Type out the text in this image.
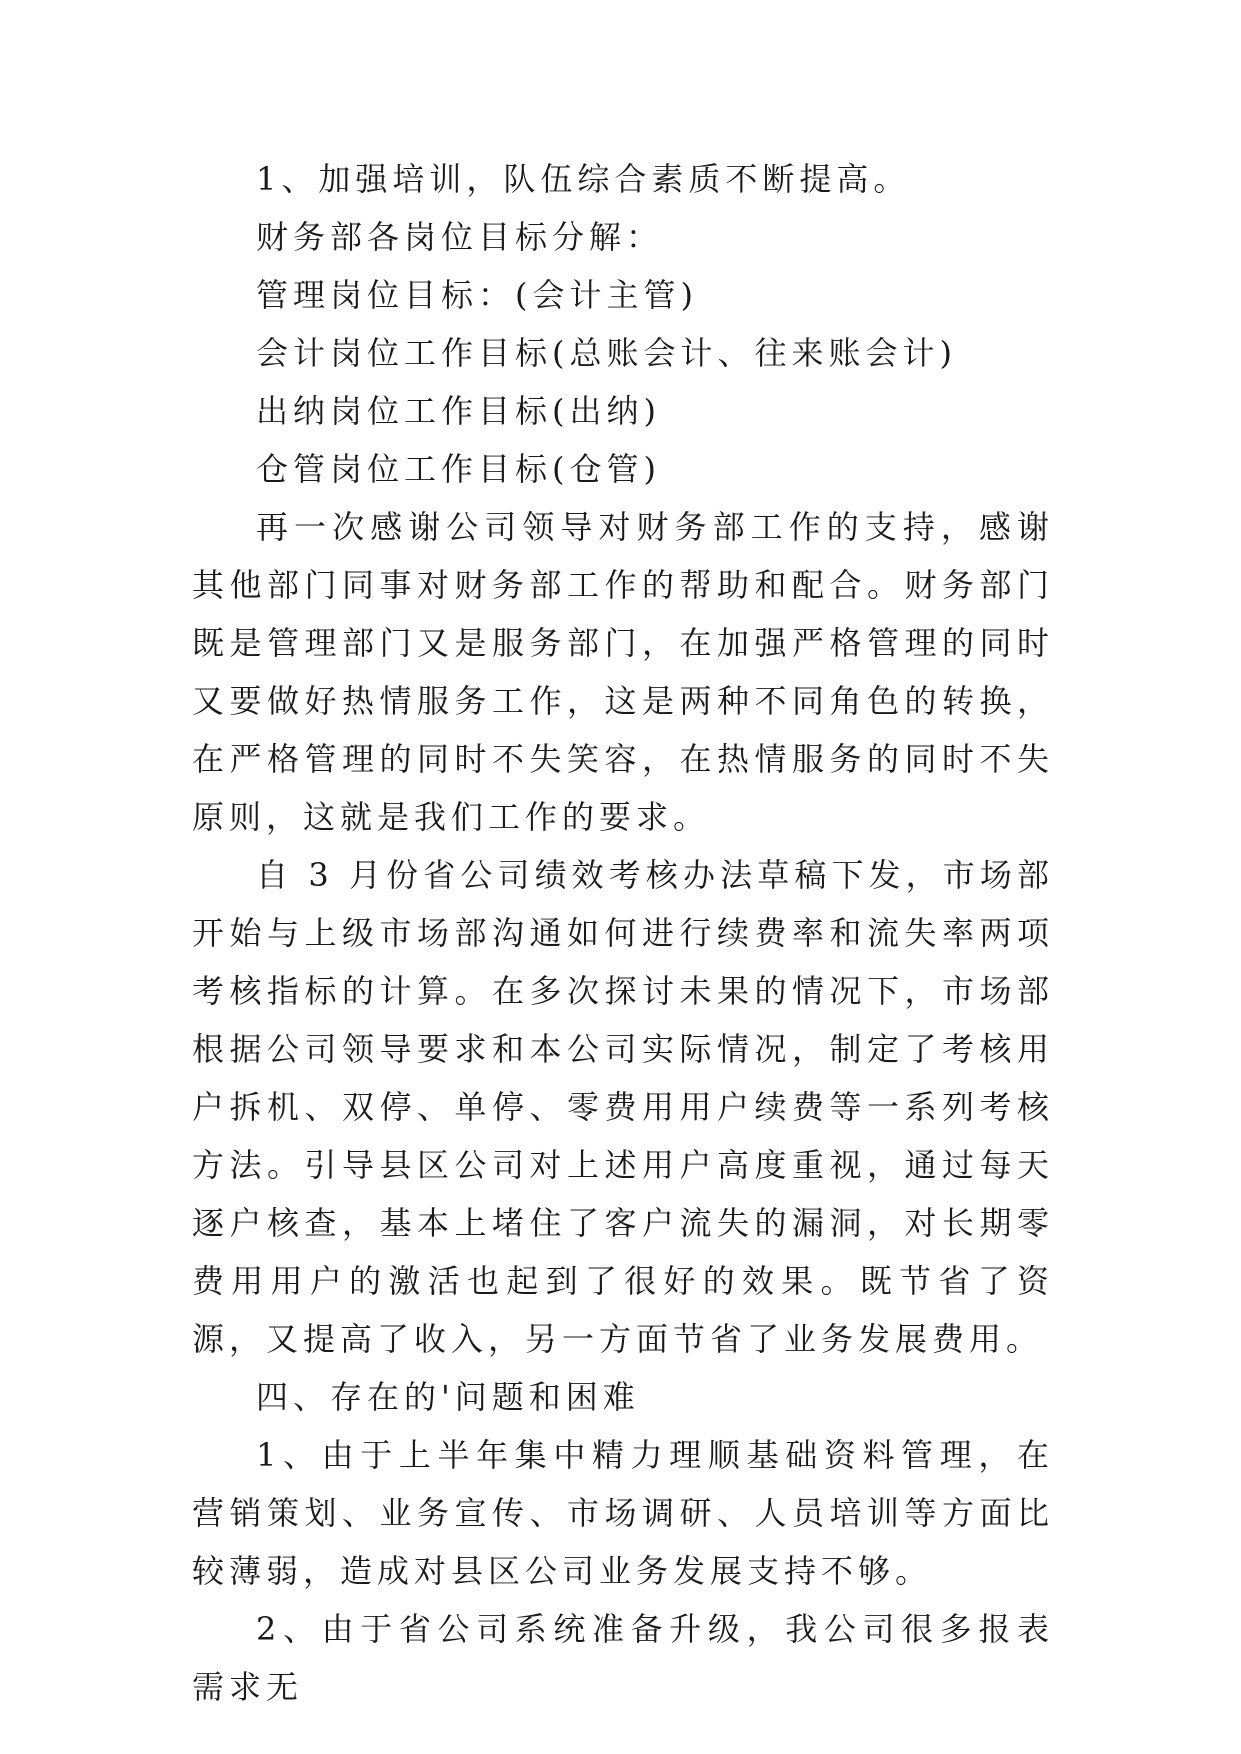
1、加强培训，队伍综合素质不断提高。

财务部各岗位目标分解：

管理岗位目标：(会计主管)

会计岗位工作目标(总账会计、往来账会计)

出纳岗位工作目标(出纳)

仓管岗位工作目标(仓管)

再一次感谢公司领导对财务部工作的支持，感谢其他部门同事对财务部工作的帮助和配合。财务部门既是管理部门又是服务部门，在加强严格管理的同时又要做好热情服务工作，这是两种不同角色的转换，在严格管理的同时不失笑容，在热情服务的同时不失原则，这就是我们工作的要求。

自 3 月份省公司绩效考核办法草稿下发，市场部开始与上级市场部沟通如何进行续费率和流失率两项考核指标的计算。在多次探讨未果的情况下，市场部根据公司领导要求和本公司实际情况，制定了考核用户拆机、双停、单停、零费用用户续费等一系列考核方法。引导县区公司对上述用户高度重视，通过每天逐户核查，基本上堵住了客户流失的漏洞，对长期零费用用户的激活也起到了很好的效果。既节省了资源，又提高了收入，另一方面节省了业务发展费用。

四、存在的'问题和困难

1、由于上半年集中精力理顺基础资料管理，在营销策划、业务宣传、市场调研、人员培训等方面比较薄弱，造成对县区公司业务发展支持不够。

2、由于省公司系统准备升级，我公司很多报表需求无
